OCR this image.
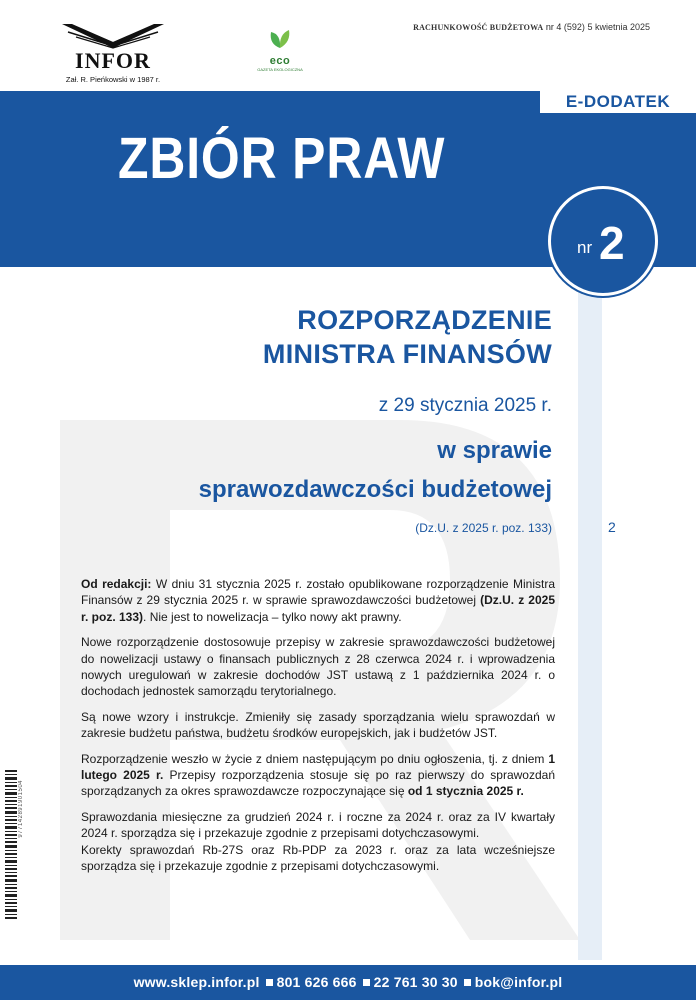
INFOR
Zał. R. Pieńkowski w 1987 r.
eco
GAZETA EKOLOGICZNA
RACHUNKOWOŚĆ BUDŻETOWA nr 4 (592) 5 kwietnia 2025
E-DODATEK
ZBIÓR PRAW
nr 2
ROZPORZĄDZENIE
MINISTRA FINANSÓW
z 29 stycznia 2025 r.
w sprawie
sprawozdawczości budżetowej
(Dz.U. z 2025 r. poz. 133)	2

Od redakcji: W dniu 31 stycznia 2025 r. zostało opublikowane rozporządzenie Ministra Finansów z 29 stycznia 2025 r. w sprawie sprawozdawczości budżetowej (Dz.U. z 2025 r. poz. 133). Nie jest to nowelizacja – tylko nowy akt prawny.

Nowe rozporządzenie dostosowuje przepisy w zakresie sprawozdawczości budżetowej do nowelizacji ustawy o finansach publicznych z 28 czerwca 2024 r. i wprowadzenia nowych uregulowań w zakresie dochodów JST ustawą z 1 października 2024 r. o dochodach jednostek samorządu terytorialnego.

Są nowe wzory i instrukcje. Zmieniły się zasady sporządzania wielu sprawozdań w zakresie budżetu państwa, budżetu środków europejskich, jak i budżetów JST.

Rozporządzenie weszło w życie z dniem następującym po dniu ogłoszenia, tj. z dniem 1 lutego 2025 r. Przepisy rozporządzenia stosuje się po raz pierwszy do sprawozdań sporządzanych za okres sprawozdawcze rozpoczynające się od 1 stycznia 2025 r.

Sprawozdania miesięczne za grudzień 2024 r. i roczne za 2024 r. oraz za IV kwartały 2024 r. sporządza się i przekazuje zgodnie z przepisami dotychczasowymi.

Korekty sprawozdań Rb-27S oraz Rb-PDP za 2023 r. oraz za lata wcześniejsze sporządza się i przekazuje zgodnie z przepisami dotychczasowymi.

977142891901504
www.sklep.infor.pl 801 626 666 22 761 30 30 bok@infor.pl
